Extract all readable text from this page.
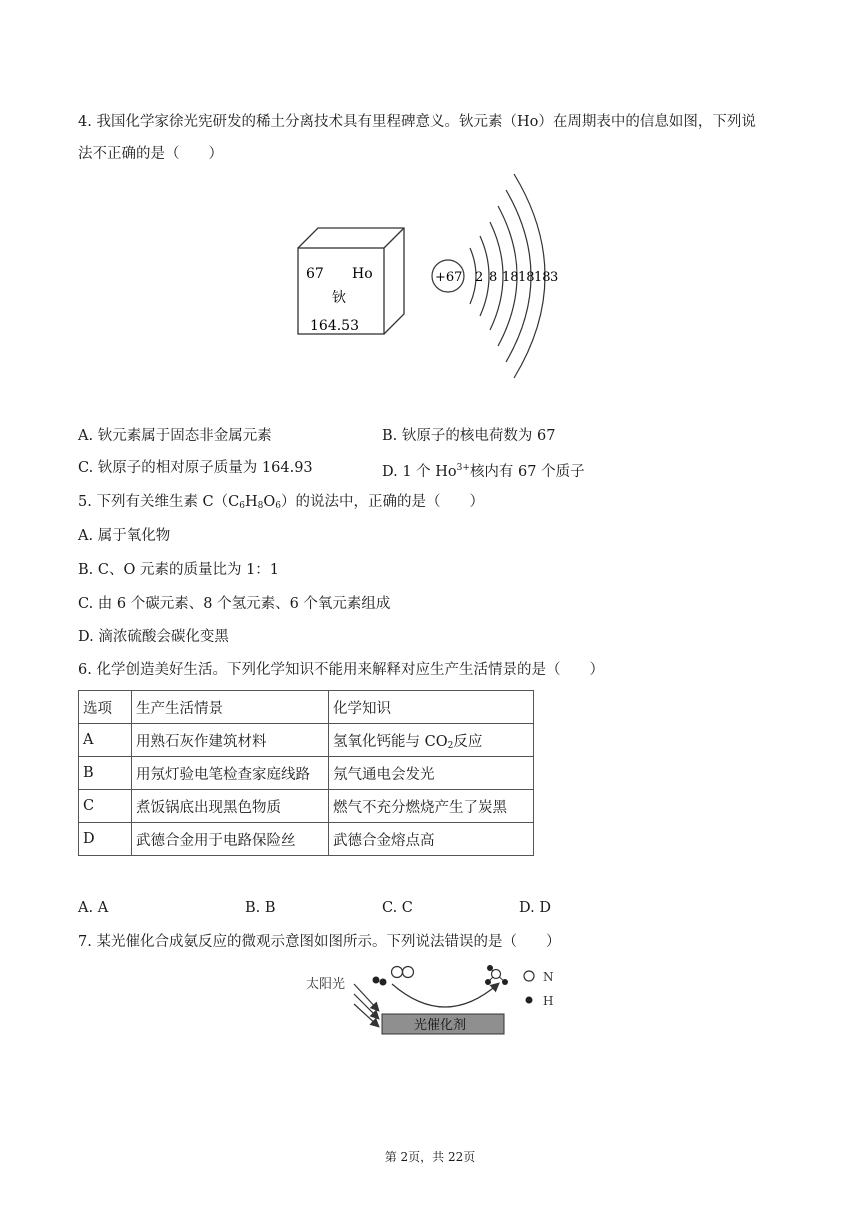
4. 我国化学家徐光宪研发的稀土分离技术具有里程碑意义。钬元素（Ho）在周期表中的信息如图，下列说
法不正确的是（　　）
67 Ho
钬
164.53
+67 2 8 18 18 18 3
A. 钬元素属于固态非金属元素	B. 钬原子的核电荷数为 67
C. 钬原子的相对原子质量为 164.93	D. 1 个 $Ho^{3+}$核内有 67 个质子
5. 下列有关维生素 $C(C_6H_8O_6)$的说法中，正确的是（　　）
A. 属于氧化物
B. C、O 元素的质量比为 1：1
C. 由 6 个碳元素、8 个氢元素、6 个氧元素组成
D. 滴浓硫酸会碳化变黑
6. 化学创造美好生活。下列化学知识不能用来解释对应生产生活情景的是（　　）
选项	生产生活情景	化学知识
A	用熟石灰作建筑材料	氢氧化钙能与 $CO_2$反应
B	用氖灯验电笔检查家庭线路	氖气通电会发光
C	煮饭锅底出现黑色物质	燃气不充分燃烧产生了炭黑
D	武德合金用于电路保险丝	武德合金熔点高
A. A	B. B	C. C	D. D
7. 某光催化合成氨反应的微观示意图如图所示。下列说法错误的是（　　）
太阳光	N
H
光催化剂
第 2页，共 22页
